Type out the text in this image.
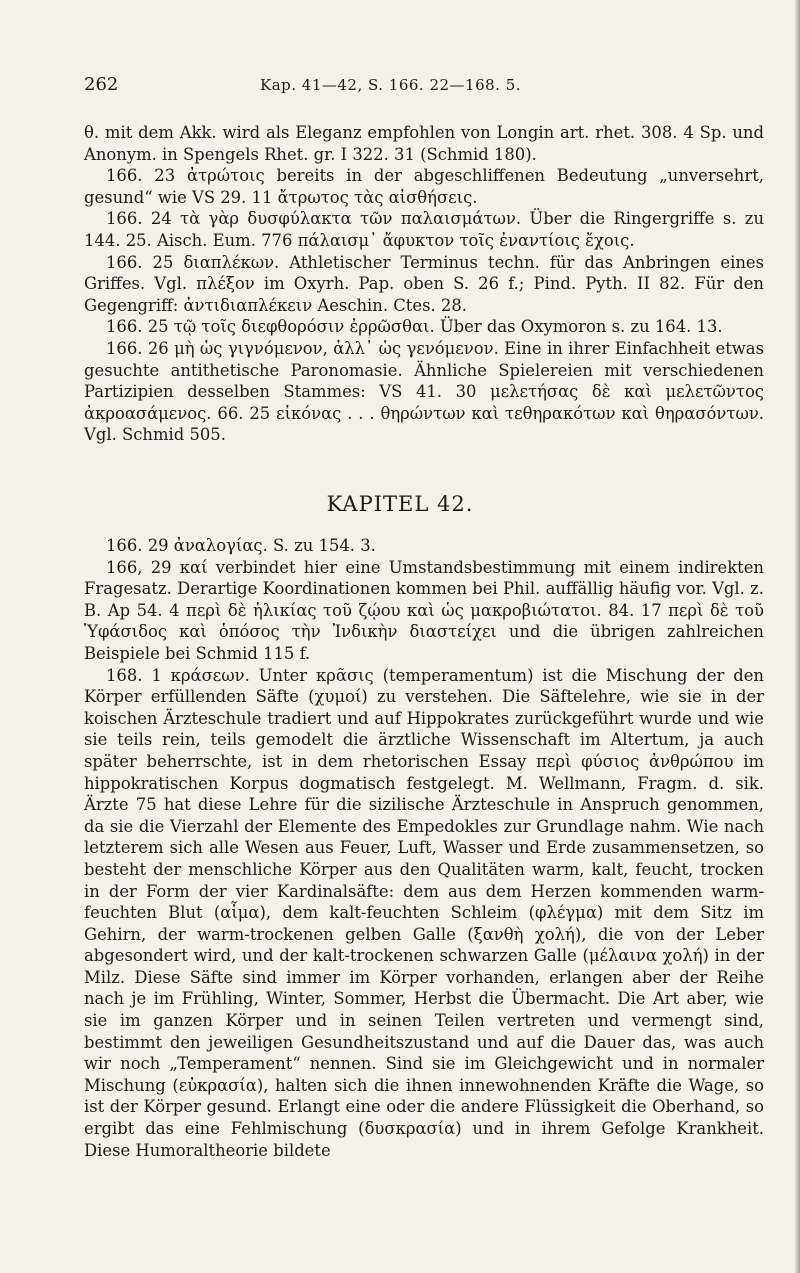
262	Kap. 41—42, S. 166. 22—168. 5.

θ. mit dem Akk. wird als Eleganz empfohlen von Longin art. rhet. 308. 4 Sp. und Anonym. in Spengels Rhet. gr. I 322. 31 (Schmid 180).

166. 23 ἀτρώτοις bereits in der abgeschliffenen Bedeutung „unversehrt, gesund“ wie VS 29. 11 ἄτρωτος τὰς αἰσθήσεις.

166. 24 τὰ γὰρ δυσφύλακτα τῶν παλαισμάτων. Über die Ringergriffe s. zu 144. 25. Aisch. Eum. 776 πάλαισμ᾽ ἄφυκτον τοῖς ἐναντίοις ἔχοις.

166. 25 διαπλέκων. Athletischer Terminus techn. für das Anbringen eines Griffes. Vgl. πλέξον im Oxyrh. Pap. oben S. 26 f.; Pind. Pyth. II 82. Für den Gegengriff: ἀντιδιαπλέκειν Aeschin. Ctes. 28.

166. 25 τῷ τοῖς διεφθορόσιν ἐρρῶσθαι. Über das Oxymoron s. zu 164. 13.

166. 26 μὴ ὡς γιγνόμενον, ἀλλ᾽ ὡς γενόμενον. Eine in ihrer Einfachheit etwas gesuchte antithetische Paronomasie. Ähnliche Spielereien mit verschiedenen Partizipien desselben Stammes: VS 41. 30 μελετήσας δὲ καὶ μελετῶντος ἀκροασάμενος. 66. 25 εἰκόνας . . . θηρώντων καὶ τεθηρακότων καὶ θηρασόντων. Vgl. Schmid 505.

KAPITEL 42.

166. 29 ἀναλογίας. S. zu 154. 3.

166, 29 καί verbindet hier eine Umstandsbestimmung mit einem indirekten Fragesatz. Derartige Koordinationen kommen bei Phil. auffällig häufig vor. Vgl. z. B. Ap 54. 4 περὶ δὲ ἡλικίας τοῦ ζῴου καὶ ὡς μακροβιώτατοι. 84. 17 περὶ δὲ τοῦ Ὑφάσιδος καὶ ὁπόσος τὴν Ἰνδικὴν διαστείχει und die übrigen zahlreichen Beispiele bei Schmid 115 f.

168. 1 κράσεων. Unter κρᾶσις (temperamentum) ist die Mischung der den Körper erfüllenden Säfte (χυμοί) zu verstehen. Die Säftelehre, wie sie in der koischen Ärzteschule tradiert und auf Hippokrates zurückgeführt wurde und wie sie teils rein, teils gemodelt die ärztliche Wissenschaft im Altertum, ja auch später beherrschte, ist in dem rhetorischen Essay περὶ φύσιος ἀνθρώπου im hippokratischen Korpus dogmatisch festgelegt. M. Wellmann, Fragm. d. sik. Ärzte 75 hat diese Lehre für die sizilische Ärzteschule in Anspruch genommen, da sie die Vierzahl der Elemente des Empedokles zur Grundlage nahm. Wie nach letzterem sich alle Wesen aus Feuer, Luft, Wasser und Erde zusammensetzen, so besteht der menschliche Körper aus den Qualitäten warm, kalt, feucht, trocken in der Form der vier Kardinalsäfte: dem aus dem Herzen kommenden warm-feuchten Blut (αἷμα), dem kalt-feuchten Schleim (φλέγμα) mit dem Sitz im Gehirn, der warm-trockenen gelben Galle (ξανθὴ χολή), die von der Leber abgesondert wird, und der kalt-trockenen schwarzen Galle (μέλαινα χολή) in der Milz. Diese Säfte sind immer im Körper vorhanden, erlangen aber der Reihe nach je im Frühling, Winter, Sommer, Herbst die Übermacht. Die Art aber, wie sie im ganzen Körper und in seinen Teilen vertreten und vermengt sind, bestimmt den jeweiligen Gesundheitszustand und auf die Dauer das, was auch wir noch „Temperament“ nennen. Sind sie im Gleichgewicht und in normaler Mischung (εὐκρασία), halten sich die ihnen innewohnenden Kräfte die Wage, so ist der Körper gesund. Erlangt eine oder die andere Flüssigkeit die Oberhand, so ergibt das eine Fehlmischung (δυσκρασία) und in ihrem Gefolge Krankheit. Diese Humoraltheorie bildete
